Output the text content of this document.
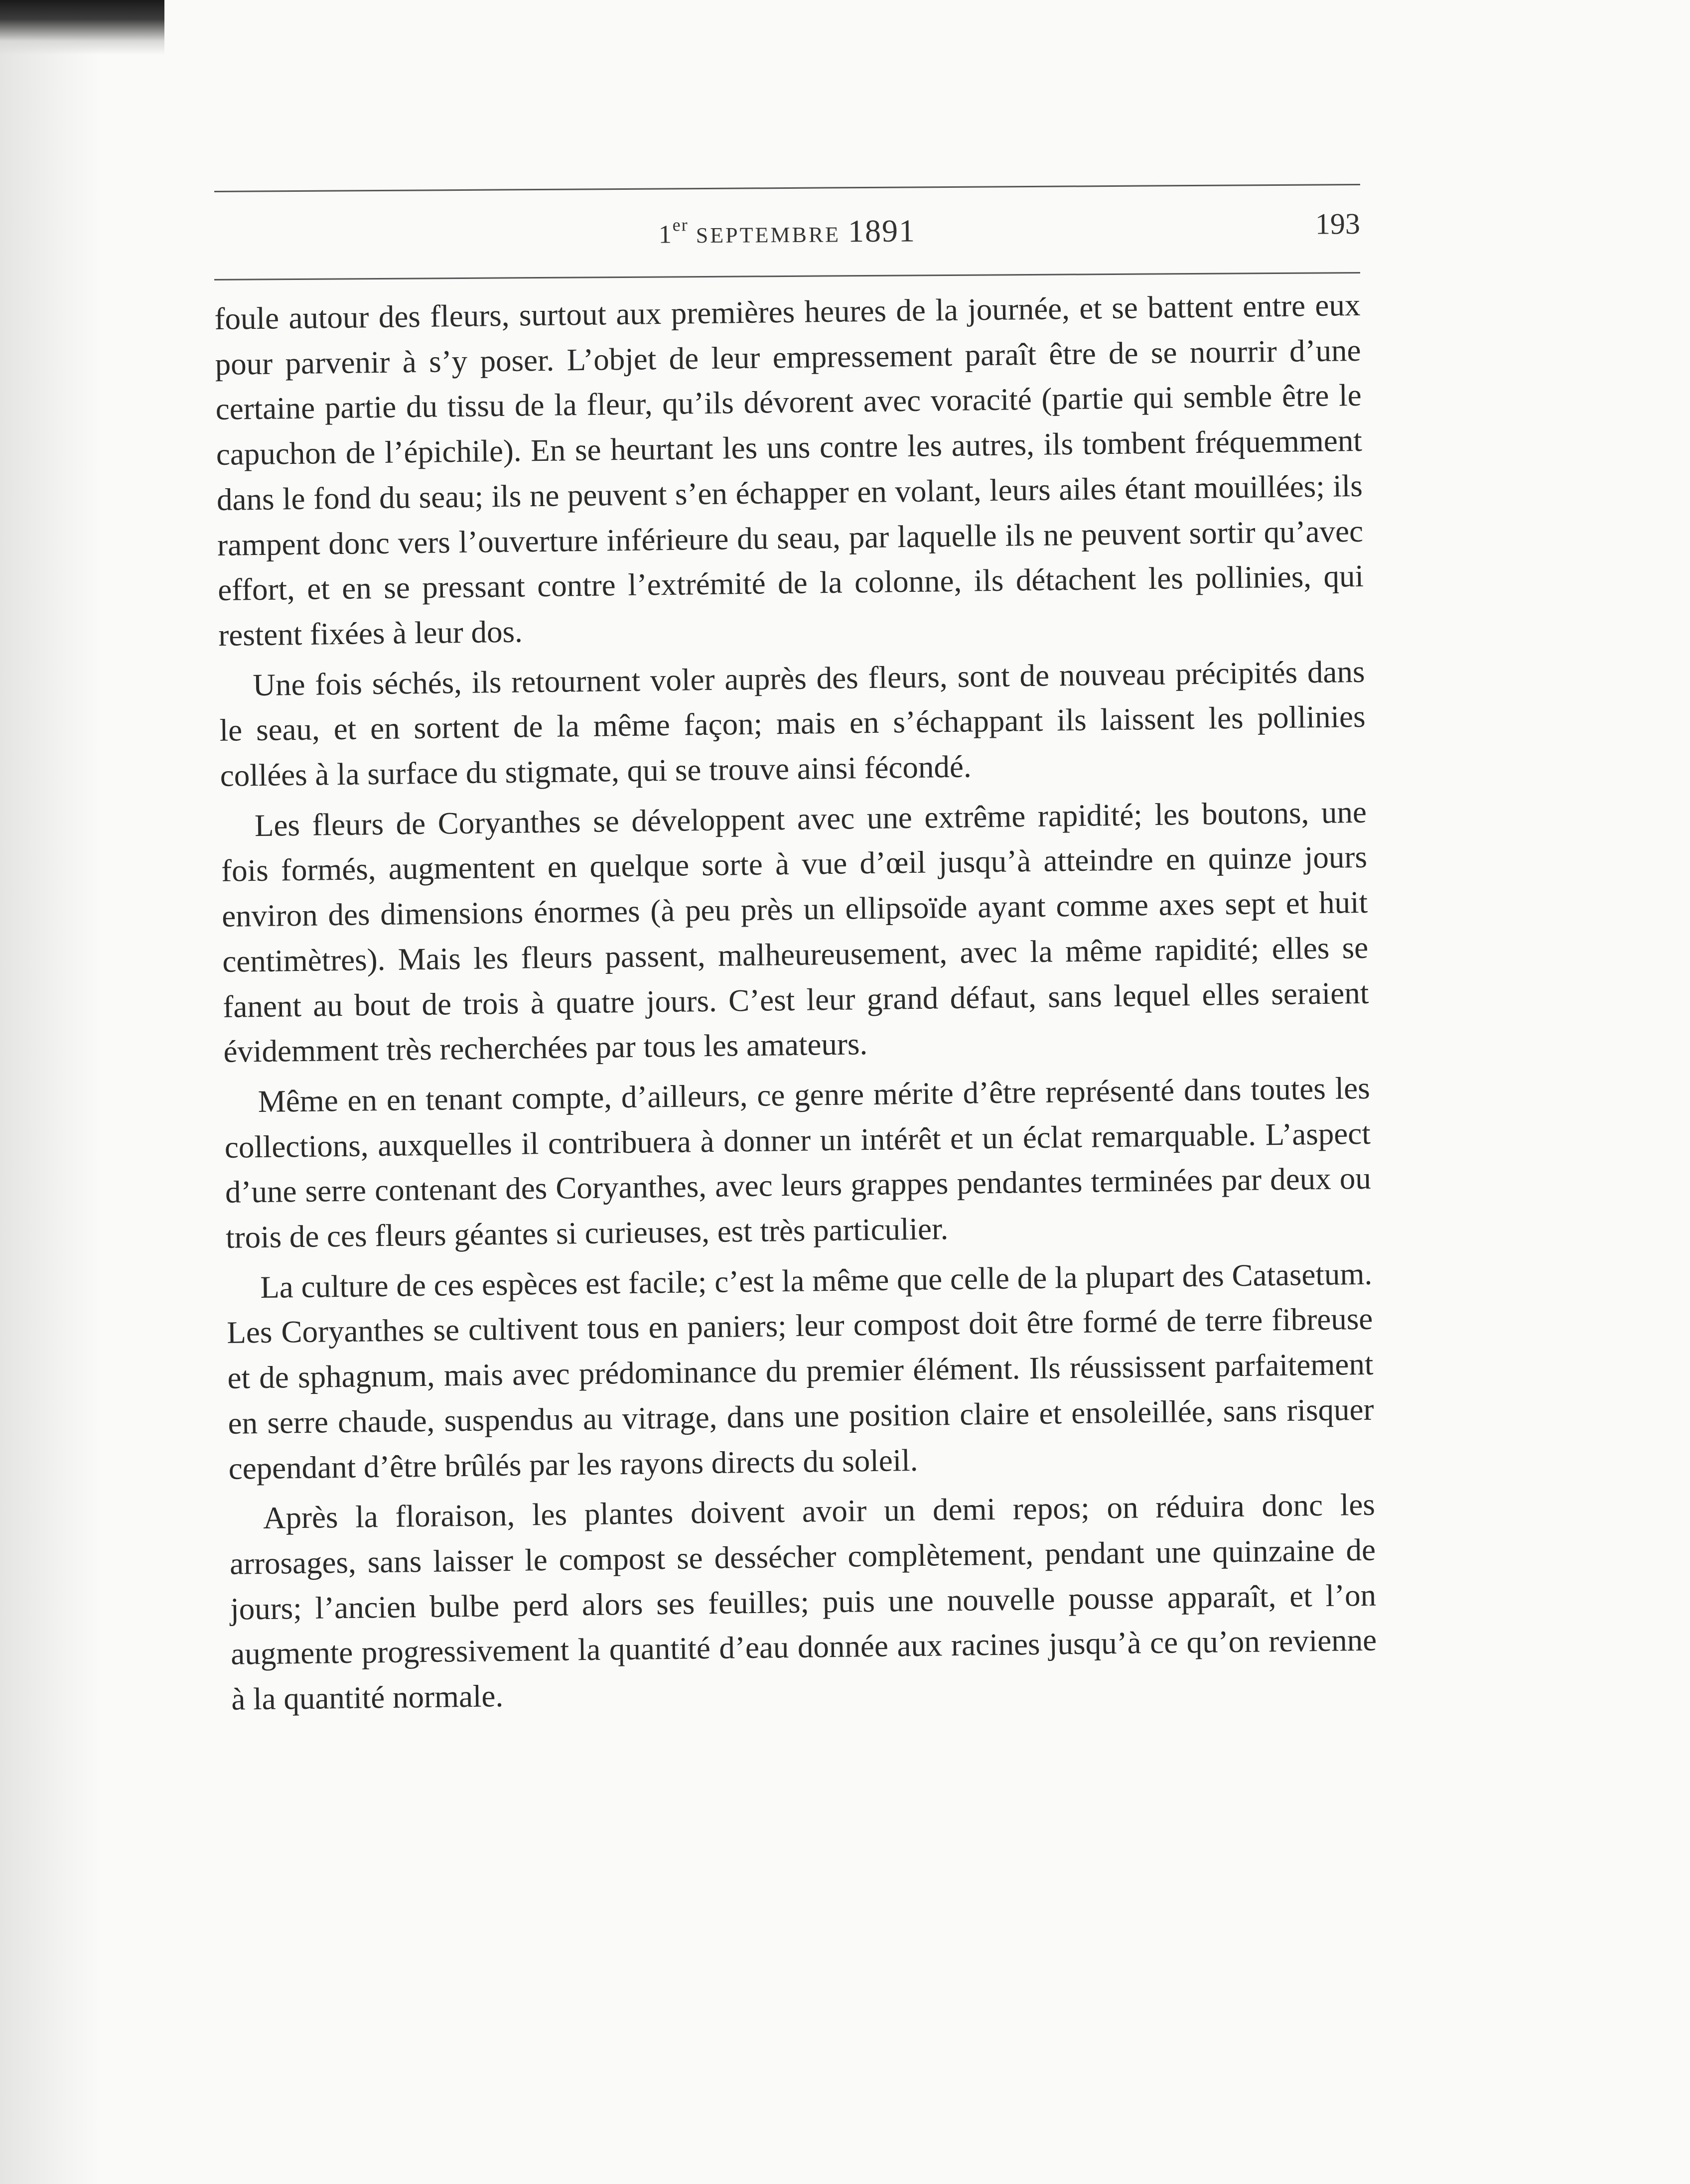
1er SEPTEMBRE 1891	193

foule autour des fleurs, surtout aux premières heures de la journée, et se battent entre eux pour parvenir à s’y poser. L’objet de leur empressement paraît être de se nourrir d’une certaine partie du tissu de la fleur, qu’ils dévorent avec voracité (partie qui semble être le capuchon de l’épichile). En se heurtant les uns contre les autres, ils tombent fréquemment dans le fond du seau; ils ne peuvent s’en échapper en volant, leurs ailes étant mouillées; ils rampent donc vers l’ouverture inférieure du seau, par laquelle ils ne peuvent sortir qu’avec effort, et en se pressant contre l’extrémité de la colonne, ils détachent les pollinies, qui restent fixées à leur dos.

Une fois séchés, ils retournent voler auprès des fleurs, sont de nouveau précipités dans le seau, et en sortent de la même façon; mais en s’échappant ils laissent les pollinies collées à la surface du stigmate, qui se trouve ainsi fécondé.

Les fleurs de Coryanthes se développent avec une extrême rapidité; les boutons, une fois formés, augmentent en quelque sorte à vue d’œil jusqu’à atteindre en quinze jours environ des dimensions énormes (à peu près un ellipsoïde ayant comme axes sept et huit centimètres). Mais les fleurs passent, malheureusement, avec la même rapidité; elles se fanent au bout de trois à quatre jours. C’est leur grand défaut, sans lequel elles seraient évidemment très recherchées par tous les amateurs.

Même en en tenant compte, d’ailleurs, ce genre mérite d’être représenté dans toutes les collections, auxquelles il contribuera à donner un intérêt et un éclat remarquable. L’aspect d’une serre contenant des Coryanthes, avec leurs grappes pendantes terminées par deux ou trois de ces fleurs géantes si curieuses, est très particulier.

La culture de ces espèces est facile; c’est la même que celle de la plupart des Catasetum. Les Coryanthes se cultivent tous en paniers; leur compost doit être formé de terre fibreuse et de sphagnum, mais avec prédominance du premier élément. Ils réussissent parfaitement en serre chaude, suspendus au vitrage, dans une position claire et ensoleillée, sans risquer cependant d’être brûlés par les rayons directs du soleil.

Après la floraison, les plantes doivent avoir un demi repos; on réduira donc les arrosages, sans laisser le compost se dessécher complètement, pendant une quinzaine de jours; l’ancien bulbe perd alors ses feuilles; puis une nouvelle pousse apparaît, et l’on augmente progressivement la quantité d’eau donnée aux racines jusqu’à ce qu’on revienne à la quantité normale.
